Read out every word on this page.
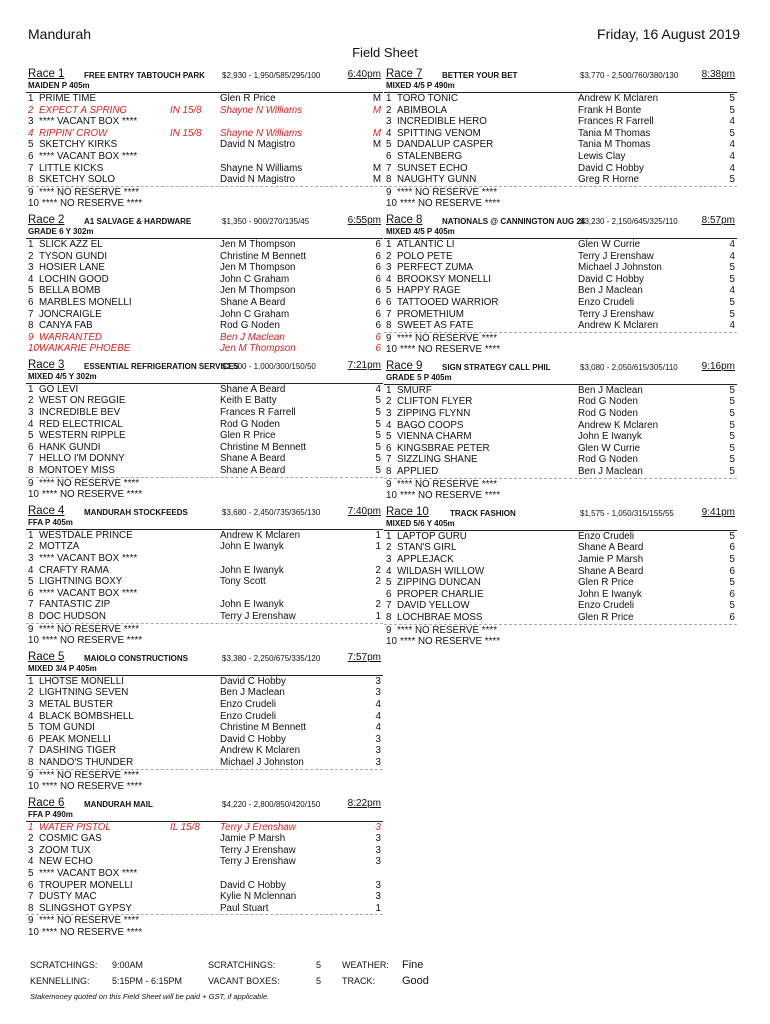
Mandurah	Friday, 16 August 2019
Field Sheet
Race 1 FREE ENTRY TABTOUCH PARK
MAIDEN P 405m
$2,930 - 1,950/585/295/100	6:40pm
1 PRIME TIME	Glen R Price	M
2 EXPECT A SPRING	IN 15/8 Shayne N Williams	M
3 **** VACANT BOX ****
4 RIPPIN' CROW	IN 15/8 Shayne N Williams	M
5 SKETCHY KIRKS	David N Magistro	M
6 **** VACANT BOX ****
7 LITTLE KICKS	Shayne N Williams	M
8 SKETCHY SOLO	David N Magistro	M
9 **** NO RESERVE ****
10 **** NO RESERVE ****
Race 2 A1 SALVAGE & HARDWARE
GRADE 6 Y 302m
$1,350 - 900/270/135/45	6:55pm
1 SLICK AZZ EL	Jen M Thompson	6
2 TYSON GUNDI	Christine M Bennett	6
3 HOSIER LANE	Jen M Thompson	6
4 LOCHIN GOOD	John C Graham	6
5 BELLA BOMB	Jen M Thompson	6
6 MARBLES MONELLI	Shane A Beard	6
7 JONCRAIGLE	John C Graham	6
8 CANYA FAB	Rod G Noden	6
9 WARRANTED	Ben J Maclean	6
10 WAIKARIE PHOEBE	Jen M Thompson	6
Race 3 ESSENTIAL REFRIGERATION SERVICES
MIXED 4/5 Y 302m
$1,500 - 1,000/300/150/50	7:21pm
1 GO LEVI	Shane A Beard	4
2 WEST ON REGGIE	Keith E Batty	5
3 INCREDIBLE BEV	Frances R Farrell	5
4 RED ELECTRICAL	Rod G Noden	5
5 WESTERN RIPPLE	Glen R Price	5
6 HANK GUNDI	Christine M Bennett	5
7 HELLO I'M DONNY	Shane A Beard	5
8 MONTOEY MISS	Shane A Beard	5
9 **** NO RESERVE ****
10 **** NO RESERVE ****
Race 4 MANDURAH STOCKFEEDS
FFA P 405m
$3,680 - 2,450/735/365/130	7:40pm
1 WESTDALE PRINCE	Andrew K Mclaren	1
2 MOTTZA	John E Iwanyk	1
3 **** VACANT BOX ****
4 CRAFTY RAMA	John E Iwanyk	2
5 LIGHTNING BOXY	Tony Scott	2
6 **** VACANT BOX ****
7 FANTASTIC ZIP	John E Iwanyk	2
8 DOC HUDSON	Terry J Erenshaw	1
9 **** NO RESERVE ****
10 **** NO RESERVE ****
Race 5 MAIOLO CONSTRUCTIONS
MIXED 3/4 P 405m
$3,380 - 2,250/675/335/120	7:57pm
1 LHOTSE MONELLI	David C Hobby	3
2 LIGHTNING SEVEN	Ben J Maclean	3
3 METAL BUSTER	Enzo Crudeli	4
4 BLACK BOMBSHELL	Enzo Crudeli	4
5 TOM GUNDI	Christine M Bennett	4
6 PEAK MONELLI	David C Hobby	3
7 DASHING TIGER	Andrew K Mclaren	3
8 NANDO'S THUNDER	Michael J Johnston	3
9 **** NO RESERVE ****
10 **** NO RESERVE ****
Race 6 MANDURAH MAIL
FFA P 490m
$4,220 - 2,800/850/420/150	8:22pm
1 WATER PISTOL	IL 15/8 Terry J Erenshaw	3
2 COSMIC GAS	Jamie P Marsh	3
3 ZOOM TUX	Terry J Erenshaw	3
4 NEW ECHO	Terry J Erenshaw	3
5 **** VACANT BOX ****
6 TROUPER MONELLI	David C Hobby	3
7 DUSTY MAC	Kylie N Mclennan	3
8 SLINGSHOT GYPSY	Paul Stuart	1
9 **** NO RESERVE ****
10 **** NO RESERVE ****
Race 7 BETTER YOUR BET
MIXED 4/5 P 490m
$3,770 - 2,500/760/380/130 8:38pm
1 TORO TONIC	Andrew K Mclaren	5
2 ABIMBOLA	Frank H Bonte	5
3 INCREDIBLE HERO	Frances R Farrell	4
4 SPITTING VENOM	Tania M Thomas	5
5 DANDALUP CASPER	Tania M Thomas	4
6 STALENBERG	Lewis Clay	4
7 SUNSET ECHO	David C Hobby	4
8 NAUGHTY GUNN	Greg R Horne	5
9 **** NO RESERVE ****
10 **** NO RESERVE ****
Race 8 NATIONALS @ CANNINGTON AUG 24
MIXED 4/5 P 405m
$3,230 - 2,150/645/325/110 8:57pm
1 ATLANTIC LI	Glen W Currie	4
2 POLO PETE	Terry J Erenshaw	4
3 PERFECT ZUMA	Michael J Johnston	5
4 BROOKSY MONELLI	David C Hobby	5
5 HAPPY RAGE	Ben J Maclean	4
6 TATTOOED WARRIOR	Enzo Crudeli	5
7 PROMETHIUM	Terry J Erenshaw	5
8 SWEET AS FATE	Andrew K Mclaren	4
9 **** NO RESERVE ****
10 **** NO RESERVE ****
Race 9 SIGN STRATEGY CALL PHIL
GRADE 5 P 405m
$3,080 - 2,050/615/305/110 9:16pm
1 SMURF	Ben J Maclean	5
2 CLIFTON FLYER	Rod G Noden	5
3 ZIPPING FLYNN	Rod G Noden	5
4 BAGO COOPS	Andrew K Mclaren	5
5 VIENNA CHARM	John E Iwanyk	5
6 KINGSBRAE PETER	Glen W Currie	5
7 SIZZLING SHANE	Rod G Noden	5
8 APPLIED	Ben J Maclean	5
9 **** NO RESERVE ****
10 **** NO RESERVE ****
Race 10	TRACK FASHION
MIXED 5/6 Y 405m
$1,575 - 1,050/315/155/55	9:41pm
1 LAPTOP GURU	Enzo Crudeli	5
2 STAN'S GIRL	Shane A Beard	6
3 APPLEJACK	Jamie P Marsh	5
4 WILDASH WILLOW	Shane A Beard	6
5 ZIPPING DUNCAN	Glen R Price	5
6 PROPER CHARLIE	John E Iwanyk	6
7 DAVID YELLOW	Enzo Crudeli	5
8 LOCHBRAE MOSS	Glen R Price	6
9 **** NO RESERVE ****
10 **** NO RESERVE ****
SCRATCHINGS: 9:00AM	SCRATCHINGS:	5 WEATHER: Fine
KENNELLING: 5:15PM - 6:15PM	VACANT BOXES:	5 TRACK: Good
Stakemoney quoted on this Field Sheet will be paid + GST, if applicable.
